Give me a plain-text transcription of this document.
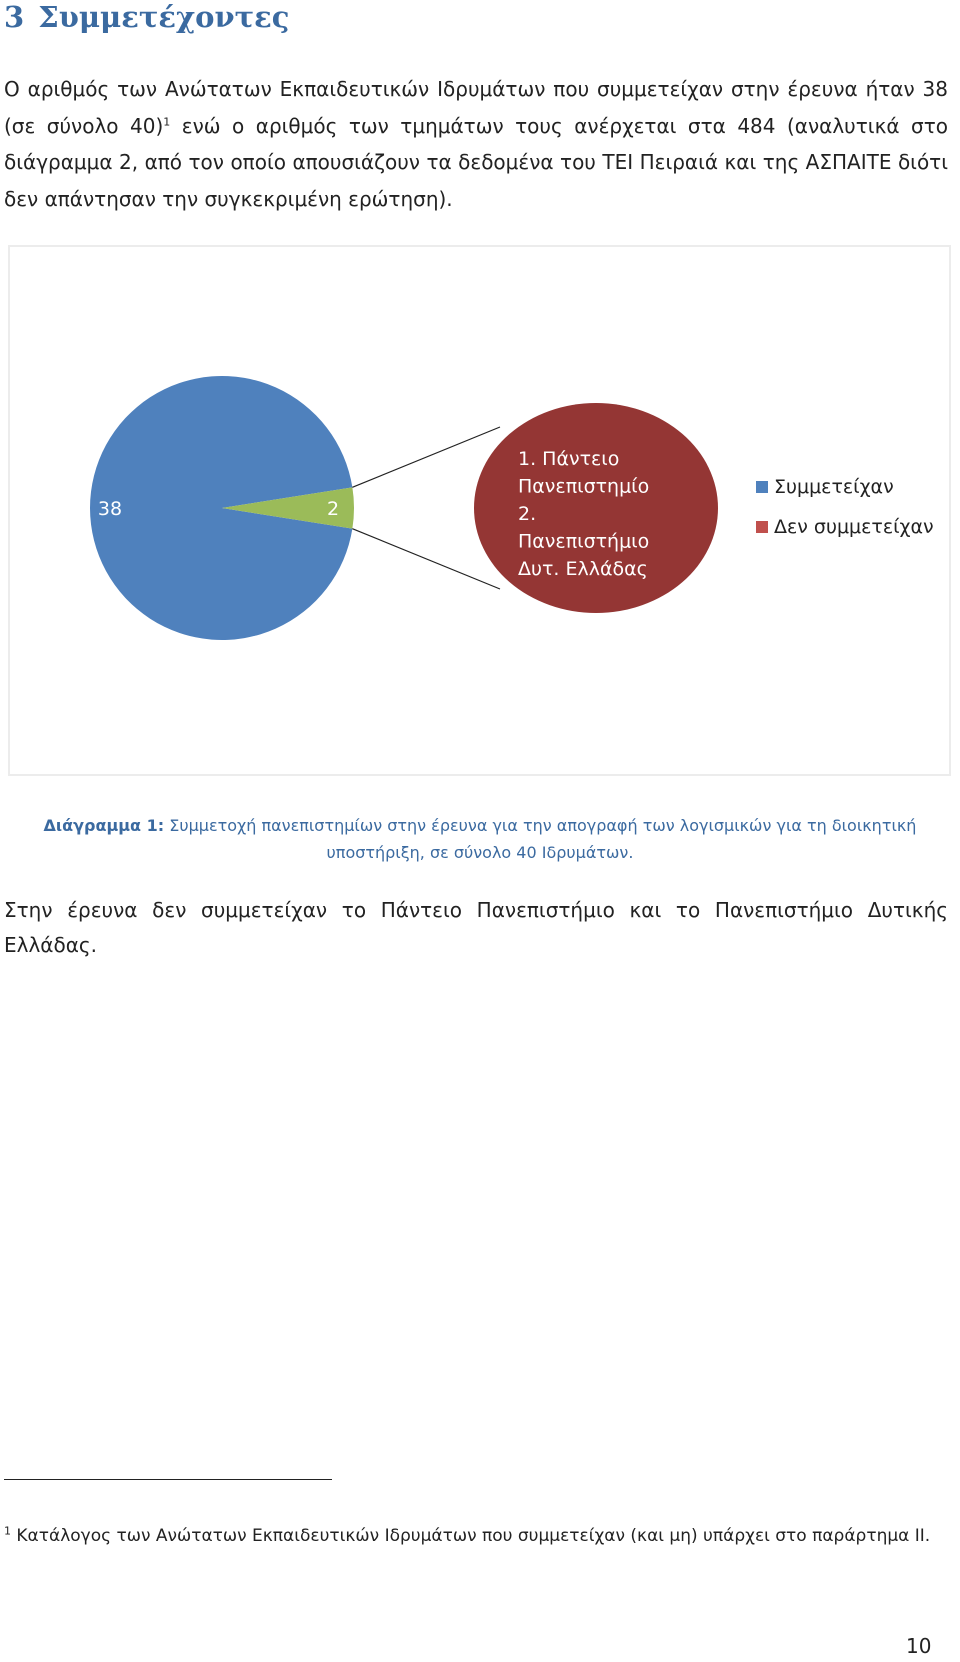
3 Συμμετέχοντες

Ο αριθμός των Ανώτατων Εκπαιδευτικών Ιδρυμάτων που συμμετείχαν στην έρευνα ήταν 38 (σε σύνολο 40)$^1$ ενώ ο αριθμός των τμημάτων τους ανέρχεται στα 484 (αναλυτικά στο διάγραμμα 2, από τον οποίο απουσιάζουν τα δεδομένα του ΤΕΙ Πειραιά και της ΑΣΠΑΙΤΕ διότι δεν απάντησαν την συγκεκριμένη ερώτηση).

38	2
1. Πάντειο
Πανεπιστημίο
2.
Πανεπιστήμιο
Δυτ. Ελλάδας
Συμμετείχαν
Δεν συμμετείχαν

Διάγραμμα 1: Συμμετοχή πανεπιστημίων στην έρευνα για την απογραφή των λογισμικών για τη διοικητική υποστήριξη, σε σύνολο 40 Ιδρυμάτων.

Στην έρευνα δεν συμμετείχαν το Πάντειο Πανεπιστήμιο και το Πανεπιστήμιο Δυτικής Ελλάδας.

$^1$ Κατάλογος των Ανώτατων Εκπαιδευτικών Ιδρυμάτων που συμμετείχαν (και μη) υπάρχει στο παράρτημα ΙΙ.

10
